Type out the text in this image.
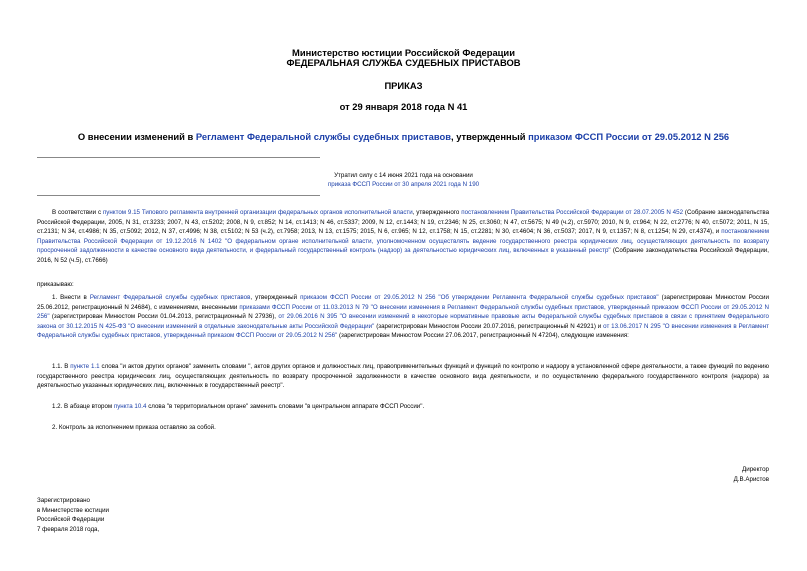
Министерство юстиции Российской Федерации
ФЕДЕРАЛЬНАЯ СЛУЖБА СУДЕБНЫХ ПРИСТАВОВ
ПРИКАЗ
от 29 января 2018 года N 41
О внесении изменений в Регламент Федеральной службы судебных приставов, утвержденный приказом ФССП России от 29.05.2012 N 256
Утратил силу с 14 июня 2021 года на основании
приказа ФССП России от 30 апреля 2021 года N 190
В соответствии с пунктом 9.15 Типового регламента внутренней организации федеральных органов исполнительной власти, утвержденного постановлением Правительства Российской Федерации от 28.07.2005 N 452 (Собрание законодательства Российской Федерации, 2005, N 31, ст.3233; 2007, N 43, ст.5202; 2008, N 9, ст.852; N 14, ст.1413; N 46, ст.5337; 2009, N 12, ст.1443; N 19, ст.2346; N 25, ст.3060; N 47, ст.5675; N 49 (ч.2), ст.5970; 2010, N 9, ст.964; N 22, ст.2776; N 40, ст.5072; 2011, N 15, ст.2131; N 34, ст.4986; N 35, ст.5092; 2012, N 37, ст.4996; N 38, ст.5102; N 53 (ч.2), ст.7958; 2013, N 13, ст.1575; 2015, N 6, ст.965; N 12, ст.1758; N 15, ст.2281; N 30, ст.4604; N 36, ст.5037; 2017, N 9, ст.1357; N 8, ст.1254; N 29, ст.4374), и постановлением Правительства Российской Федерации от 19.12.2016 N 1402 "О федеральном органе исполнительной власти, уполномоченном осуществлять ведение государственного реестра юридических лиц, осуществляющих деятельность по возврату просроченной задолженности в качестве основного вида деятельности, и федеральный государственный контроль (надзор) за деятельностью юридических лиц, включенных в указанный реестр" (Собрание законодательства Российской Федерации, 2016, N 52 (ч.5), ст.7666)
приказываю:
1. Внести в Регламент Федеральной службы судебных приставов, утвержденный приказом ФССП России от 29.05.2012 N 256 "Об утверждении Регламента Федеральной службы судебных приставов" (зарегистрирован Минюстом России 25.06.2012, регистрационный N 24684), с изменениями, внесенными приказами ФССП России от 11.03.2013 N 79 "О внесении изменения в Регламент Федеральной службы судебных приставов, утвержденный приказом ФССП России от 29.05.2012 N 256" (зарегистрирован Минюстом России 01.04.2013, регистрационный N 27936), от 29.06.2016 N 395 "О внесении изменений в некоторые нормативные правовые акты Федеральной службы судебных приставов в связи с принятием Федерального закона от 30.12.2015 N 425-ФЗ "О внесении изменений в отдельные законодательные акты Российской Федерации" (зарегистрирован Минюстом России 20.07.2016, регистрационный N 42921) и от 13.06.2017 N 295 "О внесении изменения в Регламент Федеральной службы судебных приставов, утвержденный приказом ФССП России от 29.05.2012 N 256" (зарегистрирован Минюстом России 27.06.2017, регистрационный N 47204), следующие изменения:
1.1. В пункте 1.1 слова "и актов других органов" заменить словами ", актов других органов и должностных лиц, правоприменительных функций и функций по контролю и надзору в установленной сфере деятельности, а также функций по ведению государственного реестра юридических лиц, осуществляющих деятельность по возврату просроченной задолженности в качестве основного вида деятельности, и по осуществлению федерального государственного контроля (надзора) за деятельностью указанных юридических лиц, включенных в государственный реестр".
1.2. В абзаце втором пункта 10.4 слова "в территориальном органе" заменить словами "в центральном аппарате ФССП России".
2. Контроль за исполнением приказа оставляю за собой.
Директор
Д.В.Аристов
Зарегистрировано
в Министерстве юстиции
Российской Федерации
7 февраля 2018 года,
